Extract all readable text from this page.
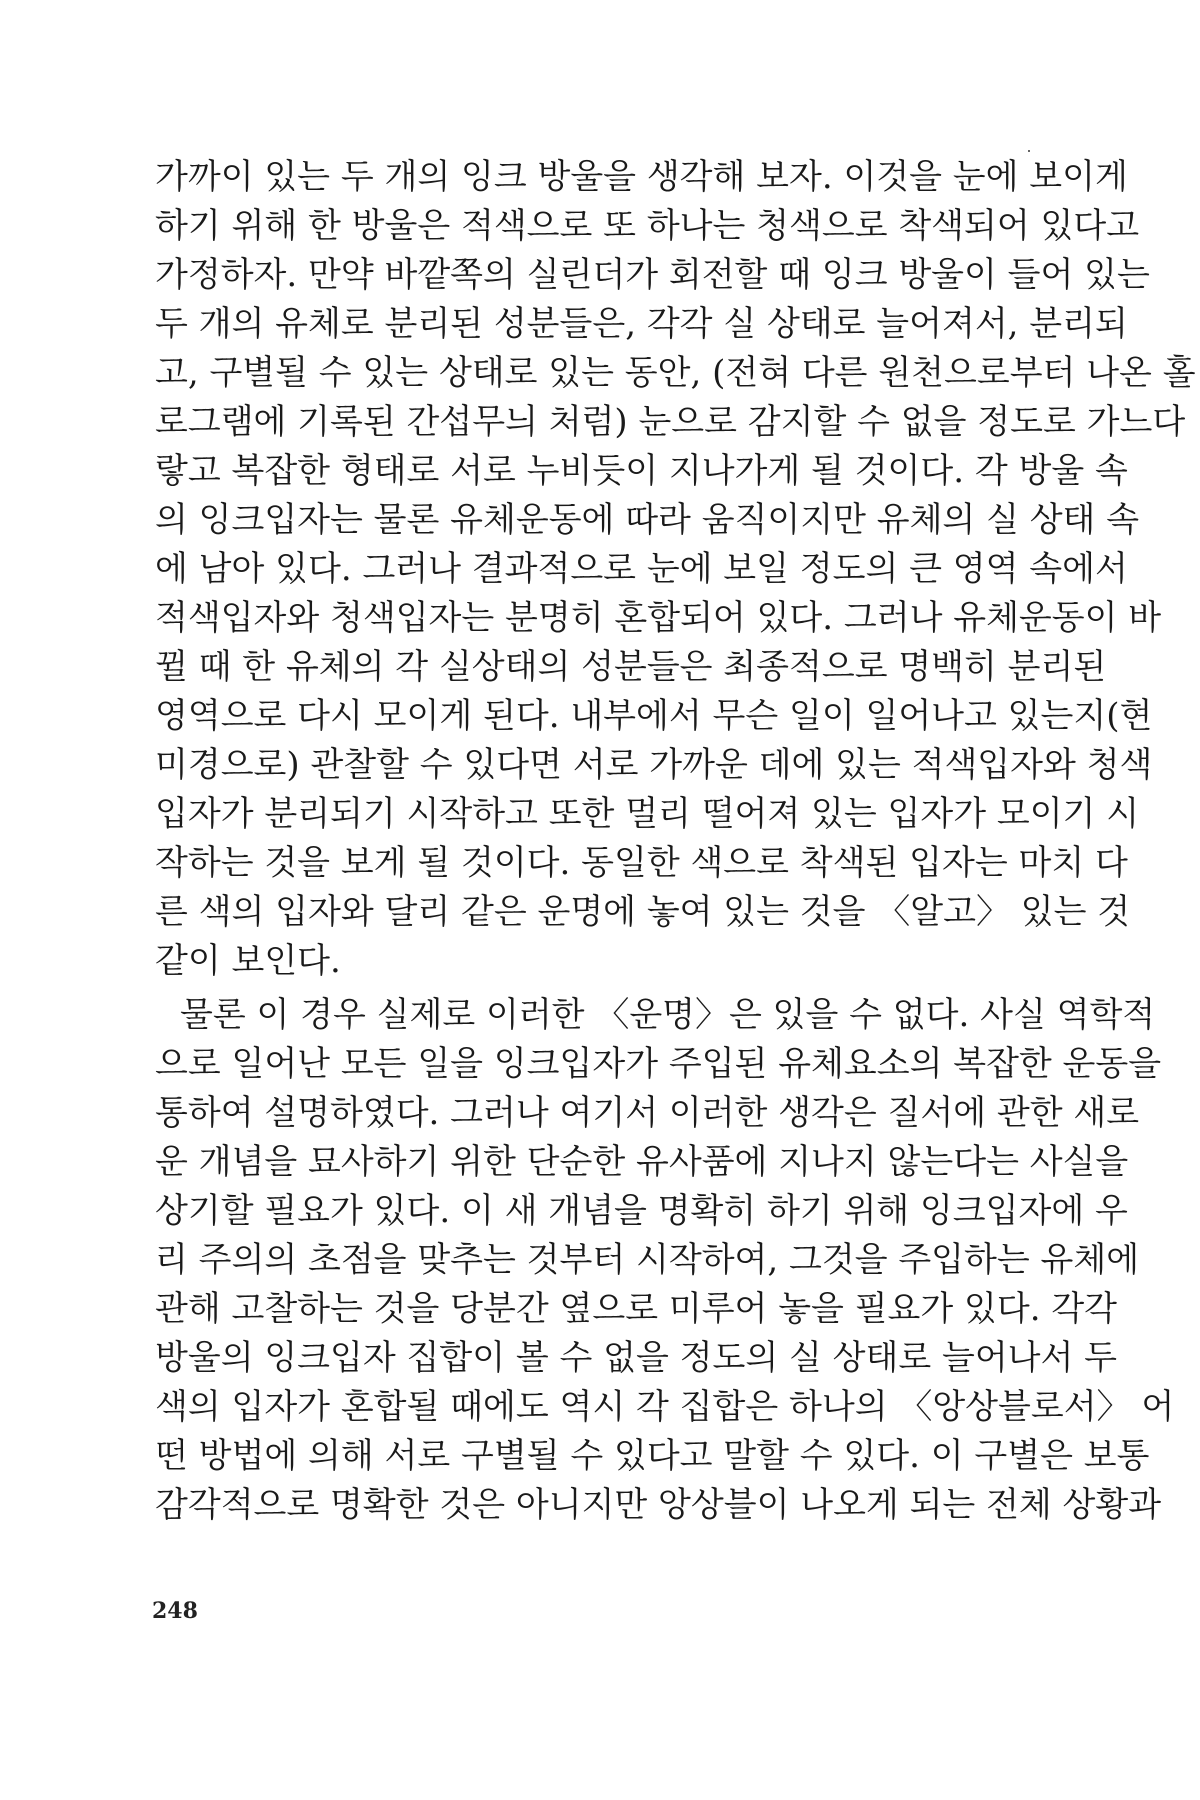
가까이 있는 두 개의 잉크 방울을 생각해 보자. 이것을 눈에 보이게
하기 위해 한 방울은 적색으로 또 하나는 청색으로 착색되어 있다고
가정하자. 만약 바깥쪽의 실린더가 회전할 때 잉크 방울이 들어 있는
두 개의 유체로 분리된 성분들은, 각각 실 상태로 늘어져서, 분리되
고, 구별될 수 있는 상태로 있는 동안, (전혀 다른 원천으로부터 나온 홀
로그램에 기록된 간섭무늬 처럼) 눈으로 감지할 수 없을 정도로 가느다
랗고 복잡한 형태로 서로 누비듯이 지나가게 될 것이다. 각 방울 속
의 잉크입자는 물론 유체운동에 따라 움직이지만 유체의 실 상태 속
에 남아 있다. 그러나 결과적으로 눈에 보일 정도의 큰 영역 속에서
적색입자와 청색입자는 분명히 혼합되어 있다. 그러나 유체운동이 바
뀔 때 한 유체의 각 실상태의 성분들은 최종적으로 명백히 분리된
영역으로 다시 모이게 된다. 내부에서 무슨 일이 일어나고 있는지(현
미경으로) 관찰할 수 있다면 서로 가까운 데에 있는 적색입자와 청색
입자가 분리되기 시작하고 또한 멀리 떨어져 있는 입자가 모이기 시
작하는 것을 보게 될 것이다. 동일한 색으로 착색된 입자는 마치 다
른 색의 입자와 달리 같은 운명에 놓여 있는 것을 〈알고〉 있는 것
같이 보인다.
물론 이 경우 실제로 이러한 〈운명〉은 있을 수 없다. 사실 역학적
으로 일어난 모든 일을 잉크입자가 주입된 유체요소의 복잡한 운동을
통하여 설명하였다. 그러나 여기서 이러한 생각은 질서에 관한 새로
운 개념을 묘사하기 위한 단순한 유사품에 지나지 않는다는 사실을
상기할 필요가 있다. 이 새 개념을 명확히 하기 위해 잉크입자에 우
리 주의의 초점을 맞추는 것부터 시작하여, 그것을 주입하는 유체에
관해 고찰하는 것을 당분간 옆으로 미루어 놓을 필요가 있다. 각각
방울의 잉크입자 집합이 볼 수 없을 정도의 실 상태로 늘어나서 두
색의 입자가 혼합될 때에도 역시 각 집합은 하나의 〈앙상블로서〉 어
떤 방법에 의해 서로 구별될 수 있다고 말할 수 있다. 이 구별은 보통
감각적으로 명확한 것은 아니지만 앙상블이 나오게 되는 전체 상황과
248
